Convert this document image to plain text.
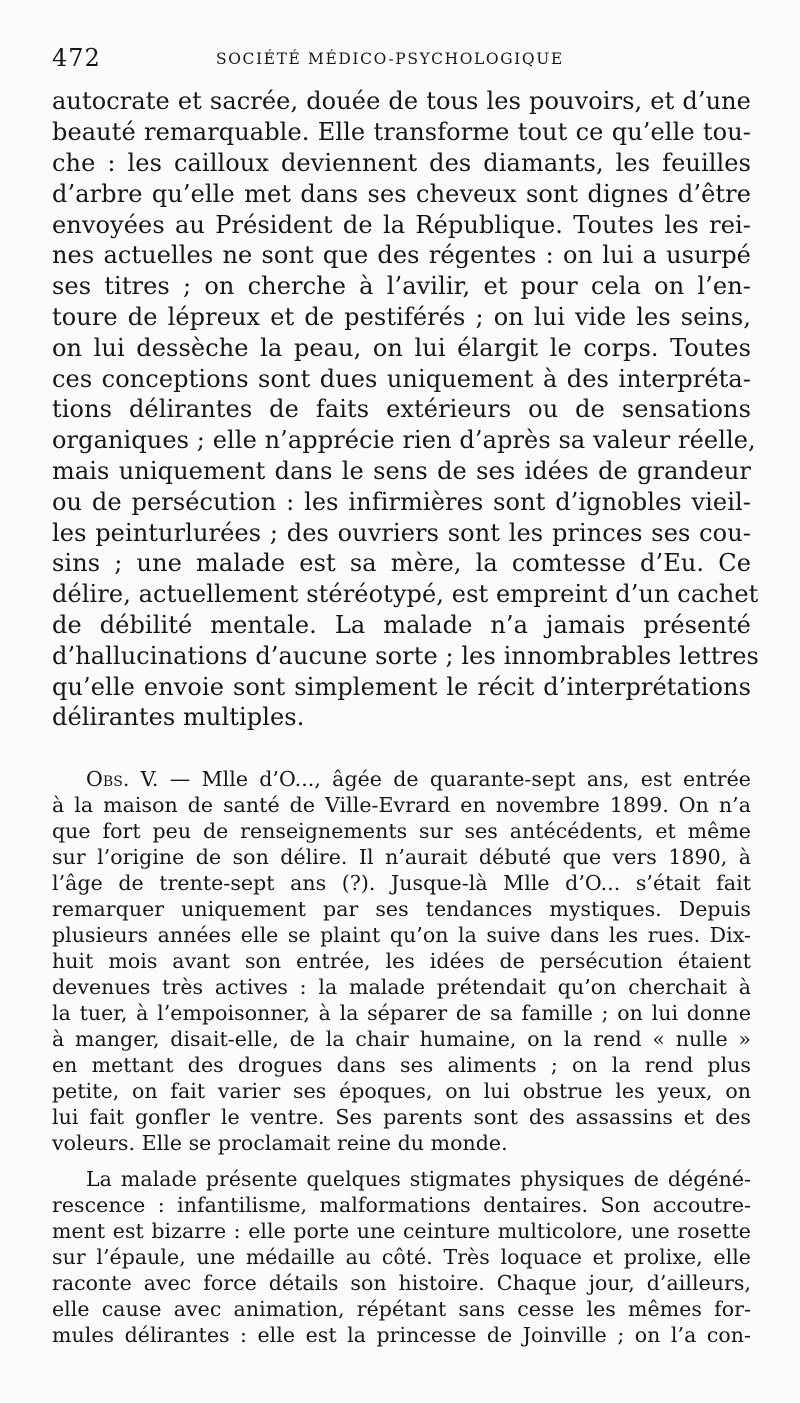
472	SOCIÉTÉ MÉDICO-PSYCHOLOGIQUE
autocrate et sacrée, douée de tous les pouvoirs, et d’une
beauté remarquable. Elle transforme tout ce qu’elle tou-
che : les cailloux deviennent des diamants, les feuilles
d’arbre qu’elle met dans ses cheveux sont dignes d’être
envoyées au Président de la République. Toutes les rei-
nes actuelles ne sont que des régentes : on lui a usurpé
ses titres ; on cherche à l’avilir, et pour cela on l’en-
toure de lépreux et de pestiférés ; on lui vide les seins,
on lui dessèche la peau, on lui élargit le corps. Toutes
ces conceptions sont dues uniquement à des interpréta-
tions délirantes de faits extérieurs ou de sensations
organiques ; elle n’apprécie rien d’après sa valeur réelle,
mais uniquement dans le sens de ses idées de grandeur
ou de persécution : les infirmières sont d’ignobles vieil-
les peinturlurées ; des ouvriers sont les princes ses cou-
sins ; une malade est sa mère, la comtesse d’Eu. Ce
délire, actuellement stéréotypé, est empreint d’un cachet
de débilité mentale. La malade n’a jamais présenté
d’hallucinations d’aucune sorte ; les innombrables lettres
qu’elle envoie sont simplement le récit d’interprétations
délirantes multiples.
Obs. V. — Mlle d’O..., âgée de quarante-sept ans, est entrée
à la maison de santé de Ville-Evrard en novembre 1899. On n’a
que fort peu de renseignements sur ses antécédents, et même
sur l’origine de son délire. Il n’aurait débuté que vers 1890, à
l’âge de trente-sept ans (?). Jusque-là Mlle d’O... s’était fait
remarquer uniquement par ses tendances mystiques. Depuis
plusieurs années elle se plaint qu’on la suive dans les rues. Dix-
huit mois avant son entrée, les idées de persécution étaient
devenues très actives : la malade prétendait qu’on cherchait à
la tuer, à l’empoisonner, à la séparer de sa famille ; on lui donne
à manger, disait-elle, de la chair humaine, on la rend « nulle »
en mettant des drogues dans ses aliments ; on la rend plus
petite, on fait varier ses époques, on lui obstrue les yeux, on
lui fait gonfler le ventre. Ses parents sont des assassins et des
voleurs. Elle se proclamait reine du monde.
La malade présente quelques stigmates physiques de dégéné-
rescence : infantilisme, malformations dentaires. Son accoutre-
ment est bizarre : elle porte une ceinture multicolore, une rosette
sur l’épaule, une médaille au côté. Très loquace et prolixe, elle
raconte avec force détails son histoire. Chaque jour, d’ailleurs,
elle cause avec animation, répétant sans cesse les mêmes for-
mules délirantes : elle est la princesse de Joinville ; on l’a con-
